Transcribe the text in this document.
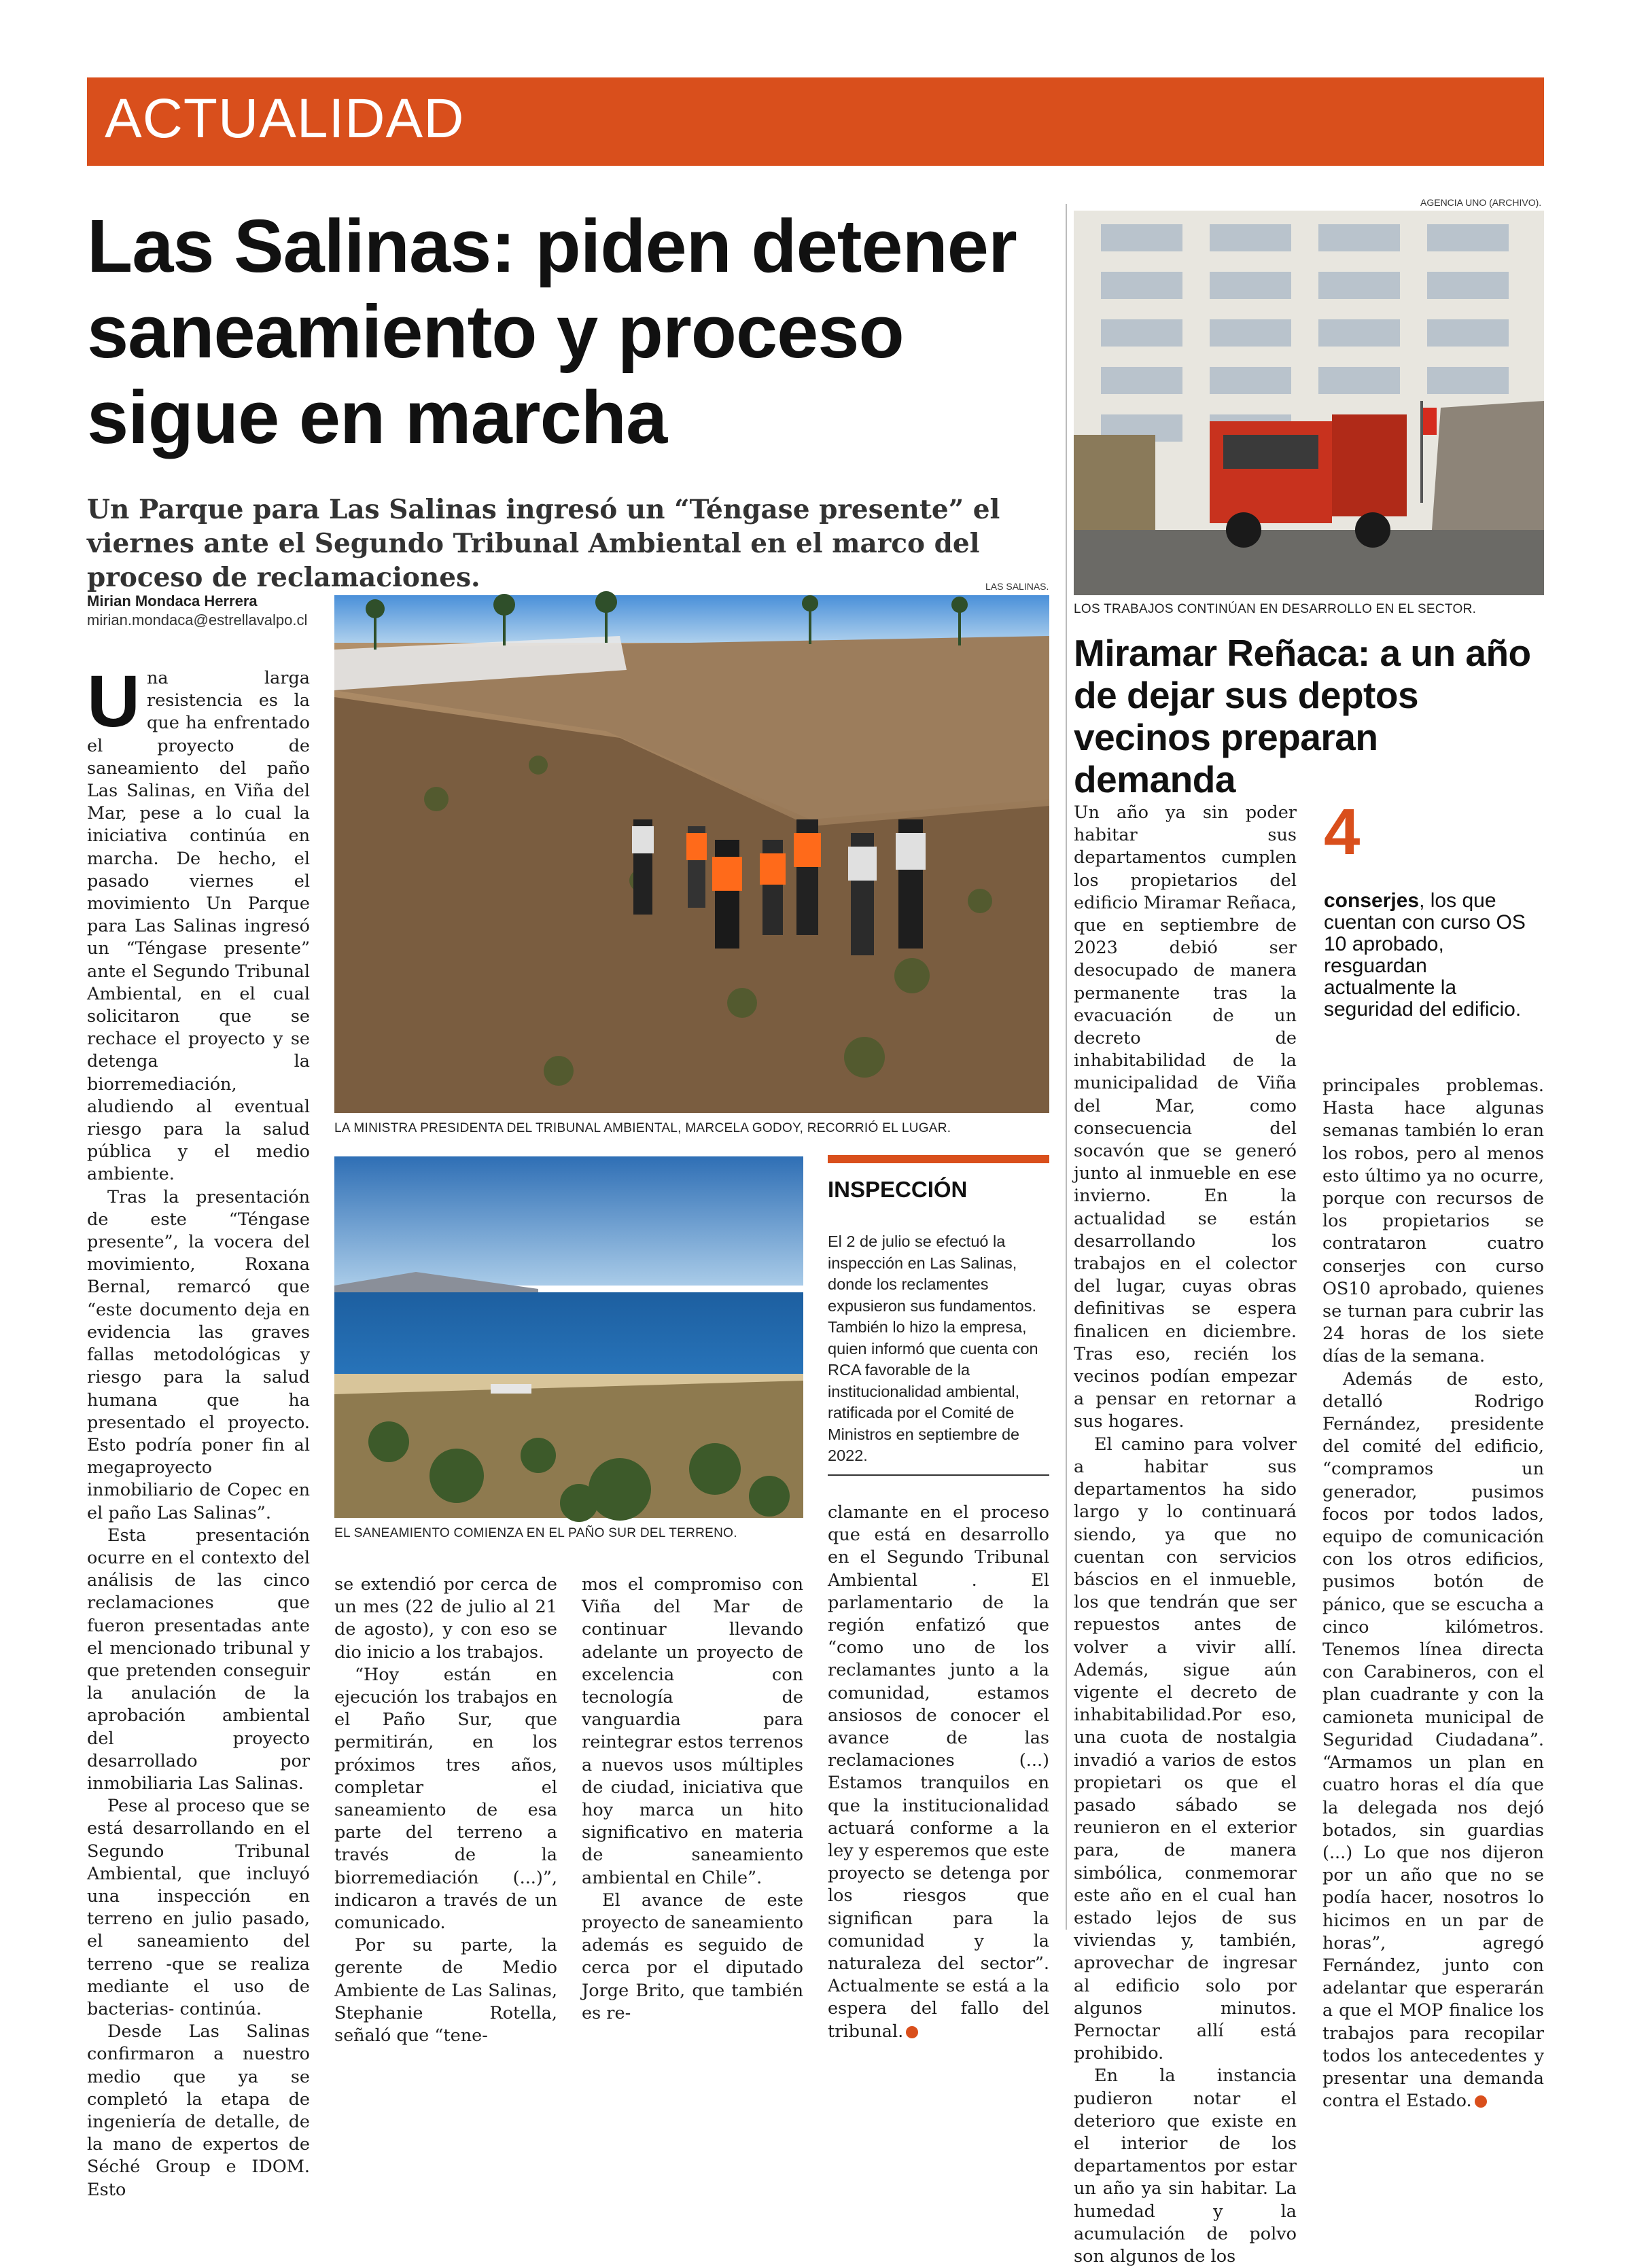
ACTUALIDAD
Las Salinas: piden detener saneamiento y proceso sigue en marcha
Un Parque para Las Salinas ingresó un “Téngase presente” el viernes ante el Segundo Tribunal Ambiental en el marco del proceso de reclamaciones.
Mirian Mondaca Herrera
mirian.mondaca@estrellavalpo.cl
LAS SALINAS.
LA MINISTRA PRESIDENTA DEL TRIBUNAL AMBIENTAL, MARCELA GODOY, RECORRIÓ EL LUGAR.
EL SANEAMIENTO COMIENZA EN EL PAÑO SUR DEL TERRENO.
AGENCIA UNO (ARCHIVO).
LOS TRABAJOS CONTINÚAN EN DESARROLLO EN EL SECTOR.

Una larga resistencia es la que ha enfrentado el proyecto de saneamiento del paño Las Salinas, en Viña del Mar, pese a lo cual la iniciativa continúa en marcha. De hecho, el pasado viernes el movimiento Un Parque para Las Salinas ingresó un “Téngase presente” ante el Segundo Tribunal Ambiental, en el cual solicitaron que se rechace el proyecto y se detenga la biorremediación, aludiendo al eventual riesgo para la salud pública y el medio ambiente.

Tras la presentación de este “Téngase presente”, la vocera del movimiento, Roxana Bernal, remarcó que “este documento deja en evidencia las graves fallas metodológicas y riesgo para la salud humana que ha presentado el proyecto. Esto podría poner fin al megaproyecto inmobiliario de Copec en el paño Las Salinas”.

Esta presentación ocurre en el contexto del análisis de las cinco reclamaciones que fueron presentadas ante el mencionado tribunal y que pretenden conseguir la anulación de la aprobación ambiental del proyecto desarrollado por inmobiliaria Las Salinas.

Pese al proceso que se está desarrollando en el Segundo Tribunal Ambiental, que incluyó una inspección en terreno en julio pasado, el saneamiento del terreno -que se realiza mediante el uso de bacterias- continúa.

Desde Las Salinas confirmaron a nuestro medio que ya se completó la etapa de ingeniería de detalle, de la mano de expertos de Séché Group e IDOM. Esto

se extendió por cerca de un mes (22 de julio al 21 de agosto), y con eso se dio inicio a los trabajos.

“Hoy están en ejecución los trabajos en el Paño Sur, que permitirán, en los próximos tres años, completar el saneamiento de esa parte del terreno a través de la biorremediación (...)”, indicaron a través de un comunicado.

Por su parte, la gerente de Medio Ambiente de Las Salinas, Stephanie Rotella, señaló que “tene-

mos el compromiso con Viña del Mar de continuar llevando adelante un proyecto de excelencia con tecnología de vanguardia para reintegrar estos terrenos a nuevos usos múltiples de ciudad, iniciativa que hoy marca un hito significativo en materia de saneamiento ambiental en Chile”.

El avance de este proyecto de saneamiento además es seguido de cerca por el diputado Jorge Brito, que también es re-

INSPECCIÓN
El 2 de julio se efectuó la inspección en Las Salinas, donde los reclamentes expusieron sus fundamentos. También lo hizo la empresa, quien informó que cuenta con RCA favorable de la institucionalidad ambiental, ratificada por el Comité de Ministros en septiembre de 2022.

clamante en el proceso que está en desarrollo en el Segundo Tribunal Ambiental . El parlamentario de la región enfatizó que “como uno de los reclamantes junto a la comunidad, estamos ansiosos de conocer el avance de las reclamaciones (...) Estamos tranquilos en que la institucionalidad actuará conforme a la ley y esperemos que este proyecto se detenga por los riesgos que significan para la comunidad y la naturaleza del sector”. Actualmente se está a la espera del fallo del tribunal.

Miramar Reñaca: a un año de dejar sus deptos vecinos preparan demanda
4
conserjes, los que cuentan con curso OS 10 aprobado, resguardan actualmente la seguridad del edificio.

Un año ya sin poder habitar sus departamentos cumplen los propietarios del edificio Miramar Reñaca, que en septiembre de 2023 debió ser desocupado de manera permanente tras la evacuación de un decreto de inhabitabilidad de la municipalidad de Viña del Mar, como consecuencia del socavón que se generó junto al inmueble en ese invierno. En la actualidad se están desarrollando los trabajos en el colector del lugar, cuyas obras definitivas se espera finalicen en diciembre. Tras eso, recién los vecinos podían empezar a pensar en retornar a sus hogares.

El camino para volver a habitar sus departamentos ha sido largo y lo continuará siendo, ya que no cuentan con servicios báscios en el inmueble, los que tendrán que ser repuestos antes de volver a vivir allí. Además, sigue aún vigente el decreto de inhabitabilidad.Por eso, una cuota de nostalgia invadió a varios de estos propietari os que el pasado sábado se reunieron en el exterior para, de manera simbólica, conmemorar este año en el cual han estado lejos de sus viviendas y, también, aprovechar de ingresar al edificio solo por algunos minutos. Pernoctar allí está prohibido.

En la instancia pudieron notar el deterioro que existe en el interior de los departamentos por estar un año ya sin habitar. La humedad y la acumulación de polvo son algunos de los

principales problemas. Hasta hace algunas semanas también lo eran los robos, pero al menos esto último ya no ocurre, porque con recursos de los propietarios se contrataron cuatro conserjes con curso OS10 aprobado, quienes se turnan para cubrir las 24 horas de los siete días de la semana.

Además de esto, detalló Rodrigo Fernández, presidente del comité del edificio, “compramos un generador, pusimos focos por todos lados, equipo de comunicación con los otros edificios, pusimos botón de pánico, que se escucha a cinco kilómetros. Tenemos línea directa con Carabineros, con el plan cuadrante y con la camioneta municipal de Seguridad Ciudadana”. “Armamos un plan en cuatro horas el día que la delegada nos dejó botados, sin guardias (...) Lo que nos dijeron por un año que no se podía hacer, nosotros lo hicimos en un par de horas”, agregó Fernández, junto con adelantar que esperarán a que el MOP finalice los trabajos para recopilar todos los antecedentes y presentar una demanda contra el Estado.
